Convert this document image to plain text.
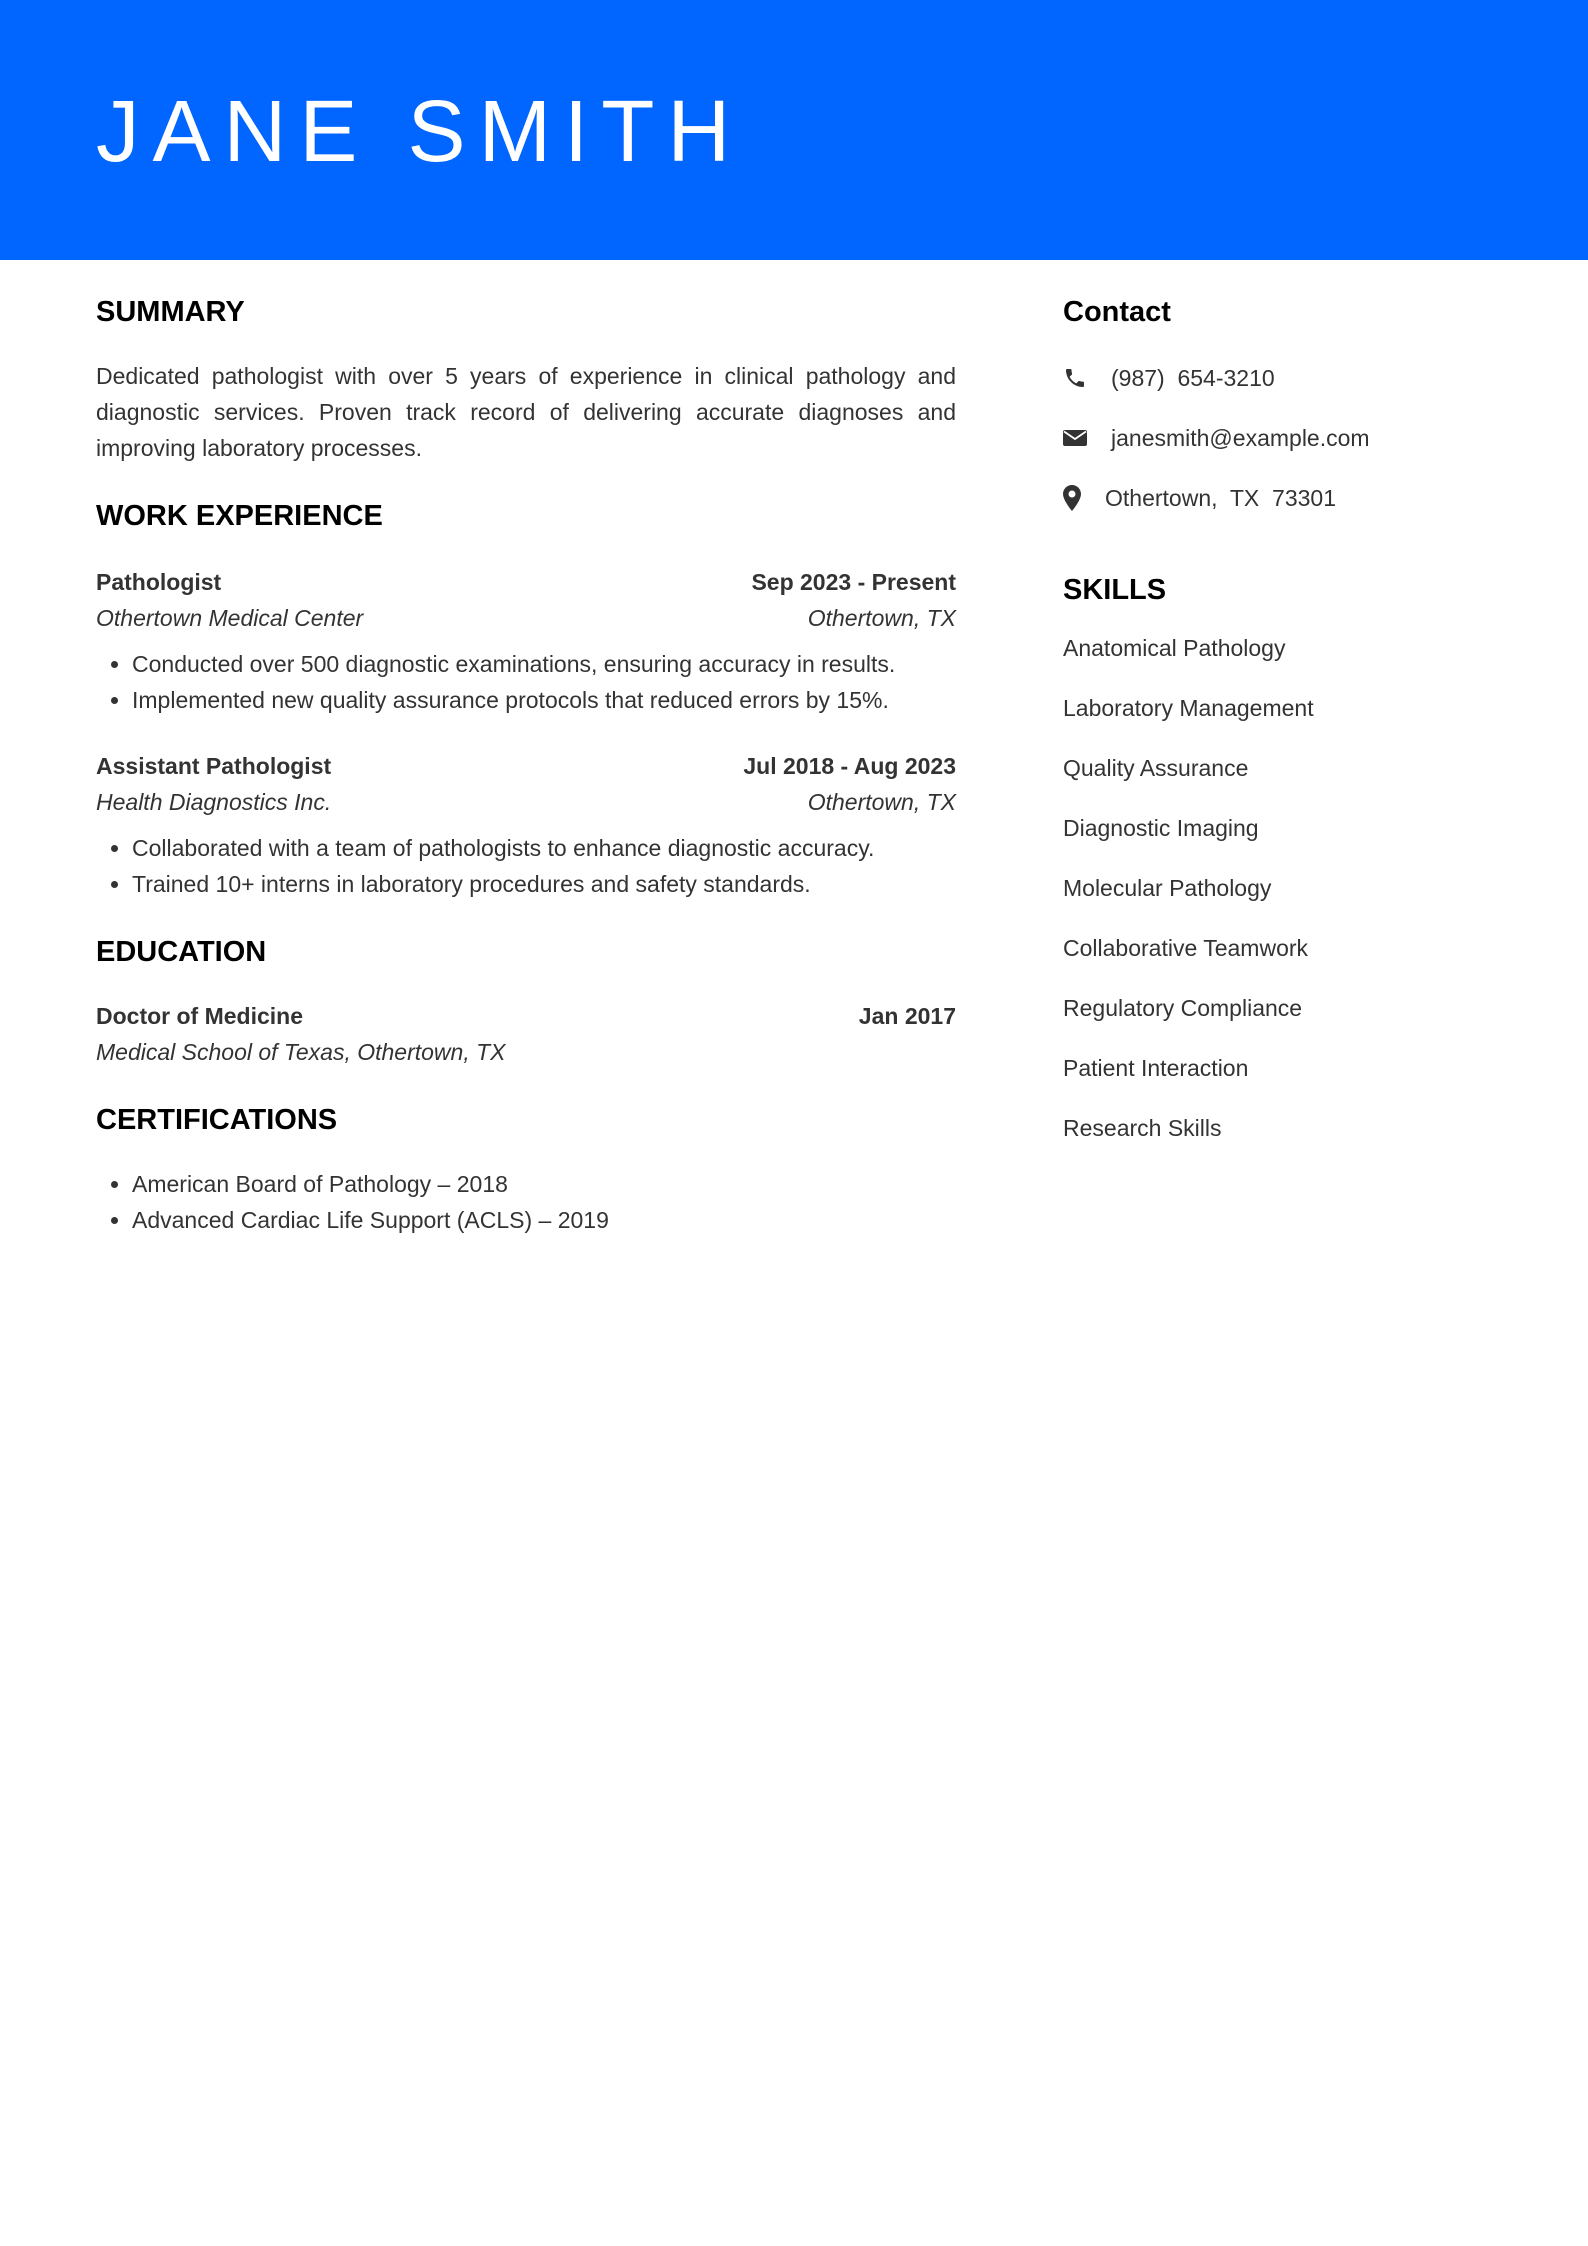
JANE SMITH
SUMMARY

Dedicated pathologist with over 5 years of experience in clinical pathology and diagnostic services. Proven track record of delivering accurate diagnoses and improving laboratory processes.

WORK EXPERIENCE
Pathologist	Sep 2023 - Present
Othertown Medical Center	Othertown, TX
• Conducted over 500 diagnostic examinations, ensuring accuracy in results.
• Implemented new quality assurance protocols that reduced errors by 15%.
Assistant Pathologist	Jul 2018 - Aug 2023
Health Diagnostics Inc.	Othertown, TX
• Collaborated with a team of pathologists to enhance diagnostic accuracy.
• Trained 10+ interns in laboratory procedures and safety standards.
EDUCATION
Doctor of Medicine	Jan 2017
Medical School of Texas, Othertown, TX
CERTIFICATIONS
• American Board of Pathology – 2018
• Advanced Cardiac Life Support (ACLS) – 2019
Contact
(987)  654-3210
janesmith@example.com
Othertown,  TX  73301
SKILLS
Anatomical Pathology
Laboratory Management
Quality Assurance
Diagnostic Imaging
Molecular Pathology
Collaborative Teamwork
Regulatory Compliance
Patient Interaction
Research Skills
